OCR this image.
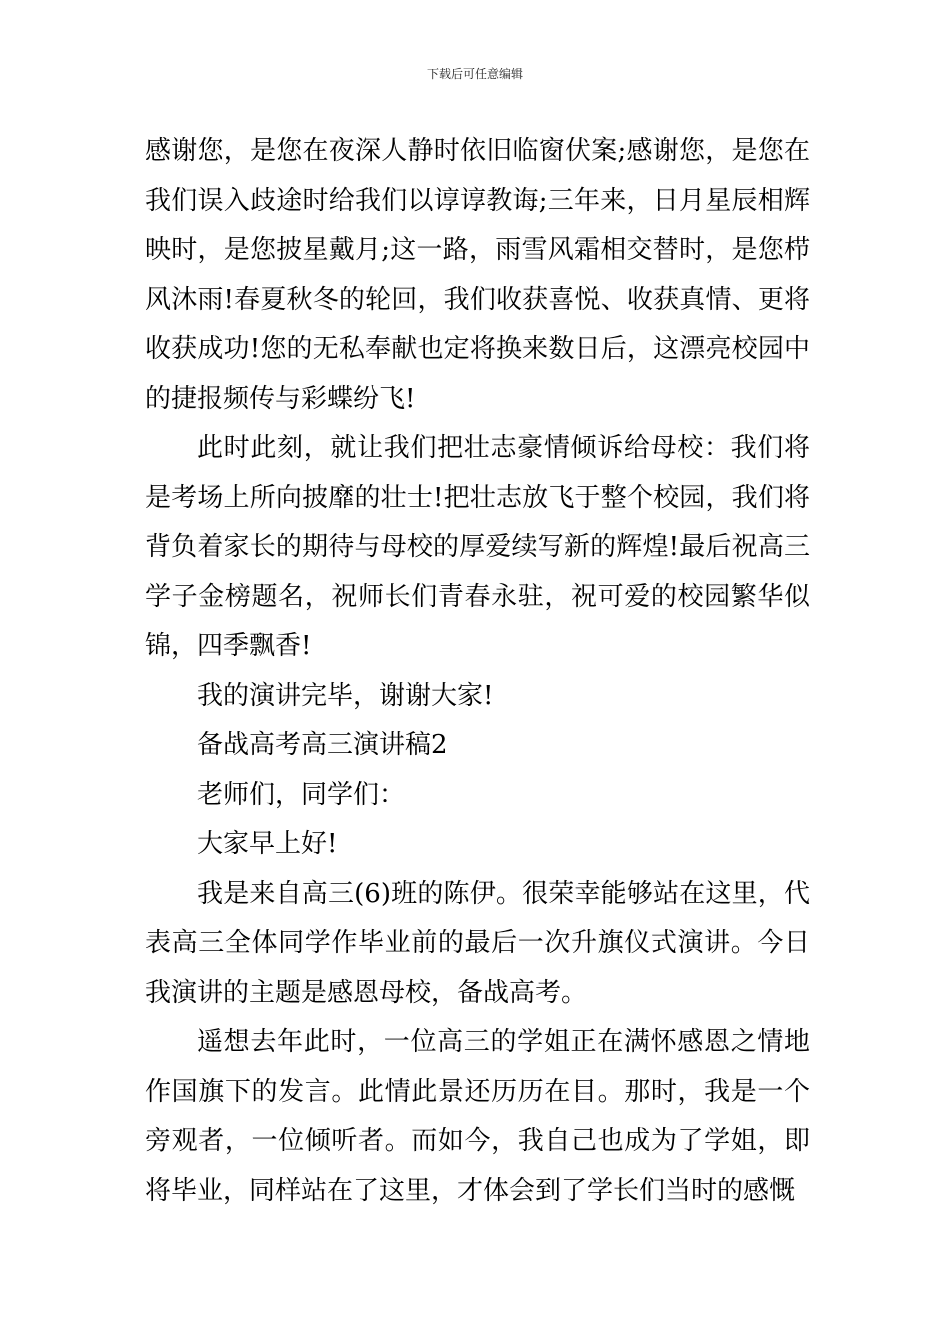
下载后可任意编辑

感谢您，是您在夜深人静时依旧临窗伏案;感谢您，是您在我们误入歧途时给我们以谆谆教诲;三年来，日月星辰相辉映时，是您披星戴月;这一路，雨雪风霜相交替时，是您栉风沐雨!春夏秋冬的轮回，我们收获喜悦、收获真情、更将收获成功!您的无私奉献也定将换来数日后，这漂亮校园中的捷报频传与彩蝶纷飞!

此时此刻，就让我们把壮志豪情倾诉给母校：我们将是考场上所向披靡的壮士!把壮志放飞于整个校园，我们将背负着家长的期待与母校的厚爱续写新的辉煌!最后祝高三学子金榜题名，祝师长们青春永驻，祝可爱的校园繁华似锦，四季飘香!

我的演讲完毕，谢谢大家!

备战高考高三演讲稿2

老师们，同学们：

大家早上好!

我是来自高三(6)班的陈伊。很荣幸能够站在这里，代表高三全体同学作毕业前的最后一次升旗仪式演讲。今日我演讲的主题是感恩母校，备战高考。

遥想去年此时，一位高三的学姐正在满怀感恩之情地作国旗下的发言。此情此景还历历在目。那时，我是一个旁观者，一位倾听者。而如今，我自己也成为了学姐，即将毕业，同样站在了这里，才体会到了学长们当时的感慨
